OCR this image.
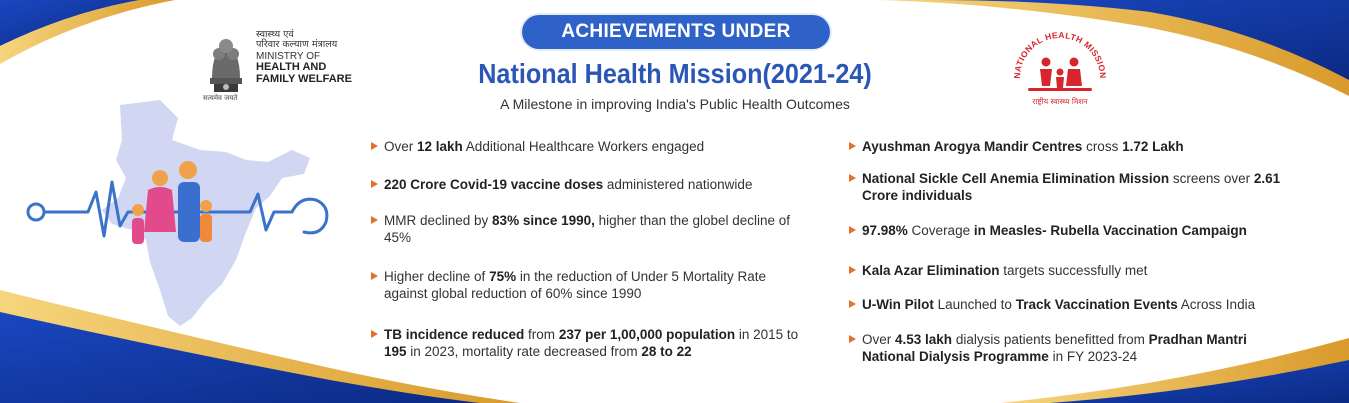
स्वास्थ्य एवं
परिवार कल्याण मंत्रालय
MINISTRY OF
HEALTH AND
FAMILY WELFARE
सत्यमेव जयते
ACHIEVEMENTS UNDER
National Health Mission(2021-24)
A Milestone in improving India's Public Health Outcomes
NATIONAL HEALTH MISSION
राष्ट्रीय स्वास्थ्य मिशन
Over 12 lakh Additional Healthcare Workers engaged
220 Crore Covid-19 vaccine doses administered nationwide
MMR declined by 83% since 1990, higher than the globel decline of 45%
Higher decline of 75% in the reduction of Under 5 Mortality Rate against global reduction of 60% since 1990
TB incidence reduced from 237 per 1,00,000 population in 2015 to 195 in 2023, mortality rate decreased from 28 to 22
Ayushman Arogya Mandir Centres cross 1.72 Lakh
National Sickle Cell Anemia Elimination Mission screens over 2.61 Crore individuals
97.98% Coverage in Measles- Rubella Vaccination Campaign
Kala Azar Elimination targets successfully met
U-Win Pilot Launched to Track Vaccination Events Across India
Over 4.53 lakh dialysis patients benefitted from Pradhan Mantri National Dialysis Programme in FY 2023-24
